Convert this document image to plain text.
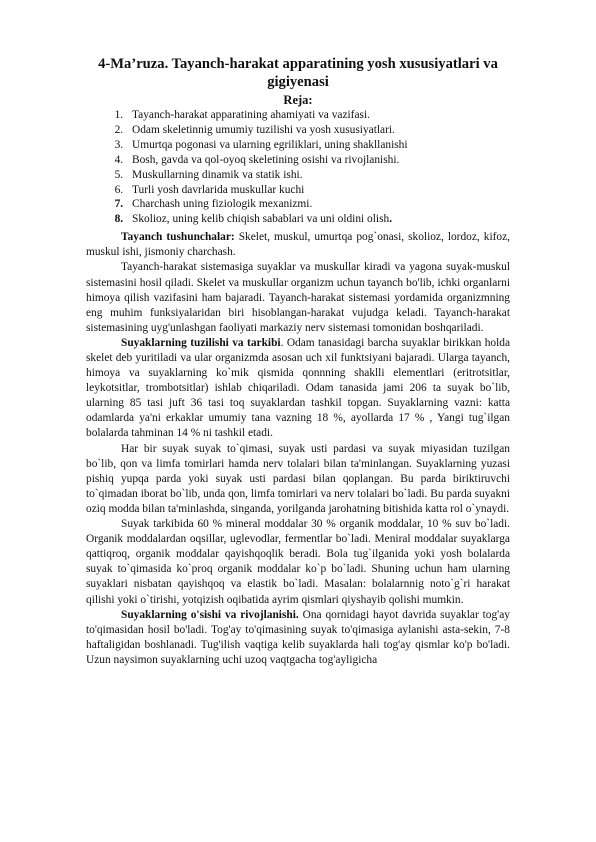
4-Ma’ruza. Tayanch-harakat apparatining yosh xususiyatlari va gigiyenasi
Reja:
1. Tayanch-harakat apparatining ahamiyati va vazifasi.
2. Odam skeletinnig umumiy tuzilishi va yosh xususiyatlari.
3. Umurtqa pogonasi va ularning egriliklari, uning shakllanishi
4. Bosh, gavda va qol-oyoq skeletining osishi va rivojlanishi.
5. Muskullarning dinamik va statik ishi.
6. Turli yosh davrlarida muskullar kuchi
7. Charchash uning fiziologik mexanizmi.
8. Skolioz, uning kelib chiqish sabablari va uni oldini olish.

Tayanch tushunchalar: Skelet, muskul, umurtqa pog`onasi, skolioz, lordoz, kifoz, muskul ishi, jismoniy charchash.

Tayanch-harakat sistemasiga suyaklar va muskullar kiradi va yagona suyak-muskul sistemasini hosil qiladi. Skelet va muskullar organizm uchun tayanch bo'lib, ichki organlarni himoya qilish vazifasini ham bajaradi. Tayanch-harakat sistemasi yordamida organizmning eng muhim funksiyalaridan biri hisoblangan-harakat vujudga keladi. Tayanch-harakat sistemasining uyg'unlashgan faoliyati markaziy nerv sistemasi tomonidan boshqariladi.

Suyaklarning tuzilishi va tarkibi. Odam tanasidagi barcha suyaklar birikkan holda skelet deb yuritiladi va ular organizmda asosan uch xil funktsiyani bajaradi. Ularga tayanch, himoya va suyaklarning ko`mik qismida qonnning shaklli elementlari (eritrotsitlar, leykotsitlar, trombotsitlar) ishlab chiqariladi. Odam tanasida jami 206 ta suyak bo`lib, ularning 85 tasi juft 36 tasi toq suyaklardan tashkil topgan. Suyaklarning vazni: katta odamlarda ya'ni erkaklar umumiy tana vazning 18 %, ayollarda 17 % , Yangi tug`ilgan bolalarda tahminan 14 % ni tashkil etadi.

Har bir suyak suyak to`qimasi, suyak usti pardasi va suyak miyasidan tuzilgan bo`lib, qon va limfa tomirlari hamda nerv tolalari bilan ta'minlangan. Suyaklarning yuzasi pishiq yupqa parda yoki suyak usti pardasi bilan qoplangan. Bu parda biriktiruvchi to`qimadan iborat bo`lib, unda qon, limfa tomirlari va nerv tolalari bo`ladi. Bu parda suyakni oziq modda bilan ta'minlashda, singanda, yorilganda jarohatning bitishida katta rol o`ynaydi.

Suyak tarkibida 60 % mineral moddalar 30 % organik moddalar, 10 % suv bo`ladi. Organik moddalardan oqsillar, uglevodlar, fermentlar bo`ladi. Meniral moddalar suyaklarga qattiqroq, organik moddalar qayishqoqlik beradi. Bola tug`ilganida yoki yosh bolalarda suyak to`qimasida ko`proq organik moddalar ko`p bo`ladi. Shuning uchun ham ularning suyaklari nisbatan qayishqoq va elastik bo`ladi. Masalan: bolalarnnig noto`g`ri harakat qilishi yoki o`tirishi, yotqizish oqibatida ayrim qismlari qiyshayib qolishi mumkin.

Suyaklarning o'sishi va rivojlanishi. Ona qornidagi hayot davrida suyaklar tog'ay to'qimasidan hosil bo'ladi. Tog'ay to'qimasining suyak to'qimasiga aylanishi asta-sekin, 7-8 haftaligidan boshlanadi. Tug'ilish vaqtiga kelib suyaklarda hali tog'ay qismlar ko'p bo'ladi. Uzun naysimon suyaklarning uchi uzoq vaqtgacha tog'ayligicha
